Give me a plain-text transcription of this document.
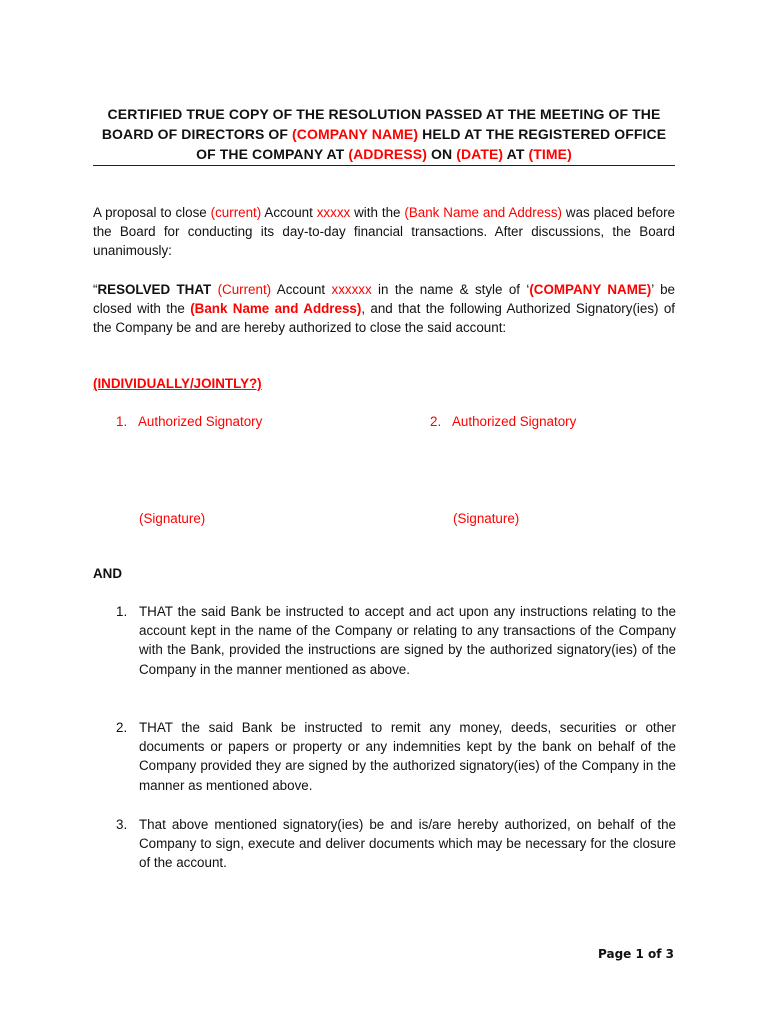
CERTIFIED TRUE COPY OF THE RESOLUTION PASSED AT THE MEETING OF THE BOARD OF DIRECTORS OF (COMPANY NAME) HELD AT THE REGISTERED OFFICE OF THE COMPANY AT (ADDRESS) ON (DATE) AT (TIME)
A proposal to close (current) Account xxxxx with the (Bank Name and Address) was placed before the Board for conducting its day-to-day financial transactions. After discussions, the Board unanimously:
“RESOLVED THAT (Current) Account xxxxxx in the name & style of ‘(COMPANY NAME)’ be closed with the (Bank Name and Address), and that the following Authorized Signatory(ies) of the Company be and are hereby authorized to close the said account:
(INDIVIDUALLY/JOINTLY?)
1. Authorized Signatory	2. Authorized Signatory
(Signature)	(Signature)
AND
1. THAT the said Bank be instructed to accept and act upon any instructions relating to the account kept in the name of the Company or relating to any transactions of the Company with the Bank, provided the instructions are signed by the authorized signatory(ies) of the Company in the manner mentioned as above.
2. THAT the said Bank be instructed to remit any money, deeds, securities or other documents or papers or property or any indemnities kept by the bank on behalf of the Company provided they are signed by the authorized signatory(ies) of the Company in the manner as mentioned above.
3. That above mentioned signatory(ies) be and is/are hereby authorized, on behalf of the Company to sign, execute and deliver documents which may be necessary for the closure of the account.
Page 1 of 3
